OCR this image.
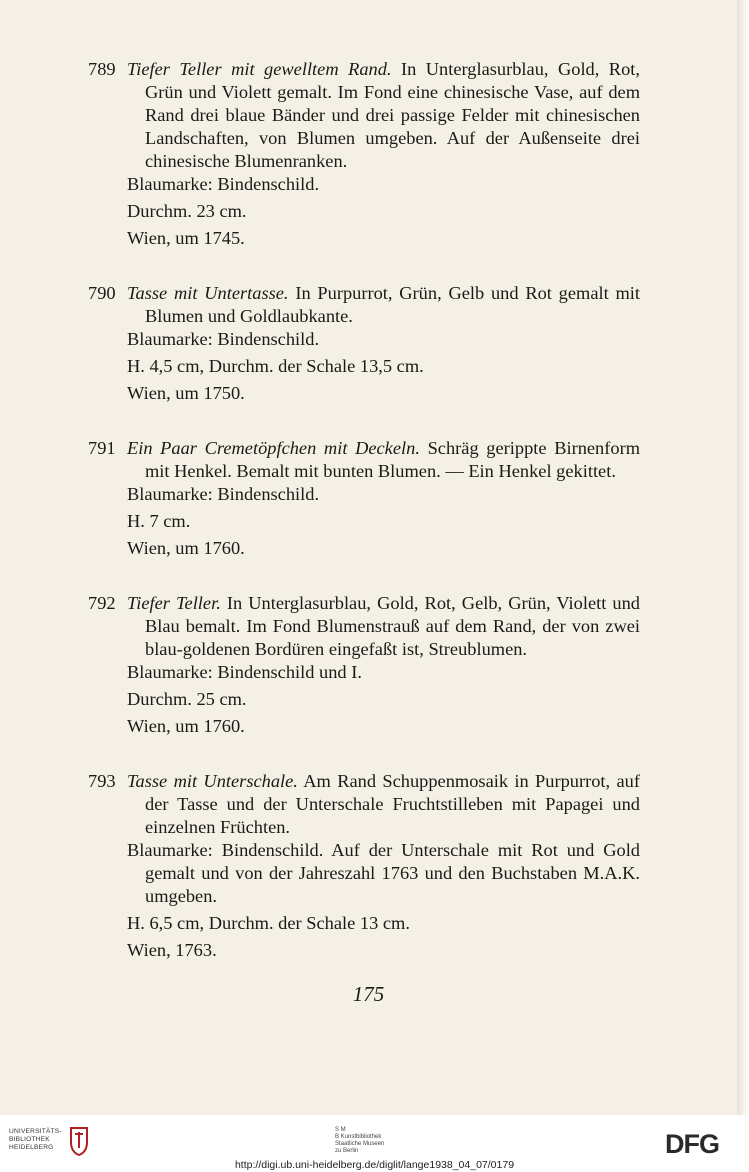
789 Tiefer Teller mit gewelltem Rand. In Unterglasurblau, Gold, Rot, Grün und Violett gemalt. Im Fond eine chinesische Vase, auf dem Rand drei blaue Bänder und drei passige Felder mit chinesischen Landschaften, von Blumen umgeben. Auf der Außenseite drei chinesische Blumenranken.
Blaumarke: Bindenschild.
Durchm. 23 cm.
Wien, um 1745.
790 Tasse mit Untertasse. In Purpurrot, Grün, Gelb und Rot gemalt mit Blumen und Goldlaubkante.
Blaumarke: Bindenschild.
H. 4,5 cm, Durchm. der Schale 13,5 cm.
Wien, um 1750.
791 Ein Paar Cremetöpfchen mit Deckeln. Schräg gerippte Birnenform mit Henkel. Bemalt mit bunten Blumen. — Ein Henkel gekittet.
Blaumarke: Bindenschild.
H. 7 cm.
Wien, um 1760.
792 Tiefer Teller. In Unterglasurblau, Gold, Rot, Gelb, Grün, Violett und Blau bemalt. Im Fond Blumenstrauß auf dem Rand, der von zwei blau-goldenen Bordüren eingefaßt ist, Streublumen.
Blaumarke: Bindenschild und I.
Durchm. 25 cm.
Wien, um 1760.
793 Tasse mit Unterschale. Am Rand Schuppenmosaik in Purpurrot, auf der Tasse und der Unterschale Fruchtstilleben mit Papagei und einzelnen Früchten.
Blaumarke: Bindenschild. Auf der Unterschale mit Rot und Gold gemalt und von der Jahreszahl 1763 und den Buchstaben M.A.K. umgeben.
H. 6,5 cm, Durchm. der Schale 13 cm.
Wien, 1763.
175
UNIVERSITÄTS-
BIBLIOTHEK
HEIDELBERG
S M
B Kunstbibliothek
Staatliche Museen
zu Berlin	DFG
http://digi.ub.uni-heidelberg.de/diglit/lange1938_04_07/0179
